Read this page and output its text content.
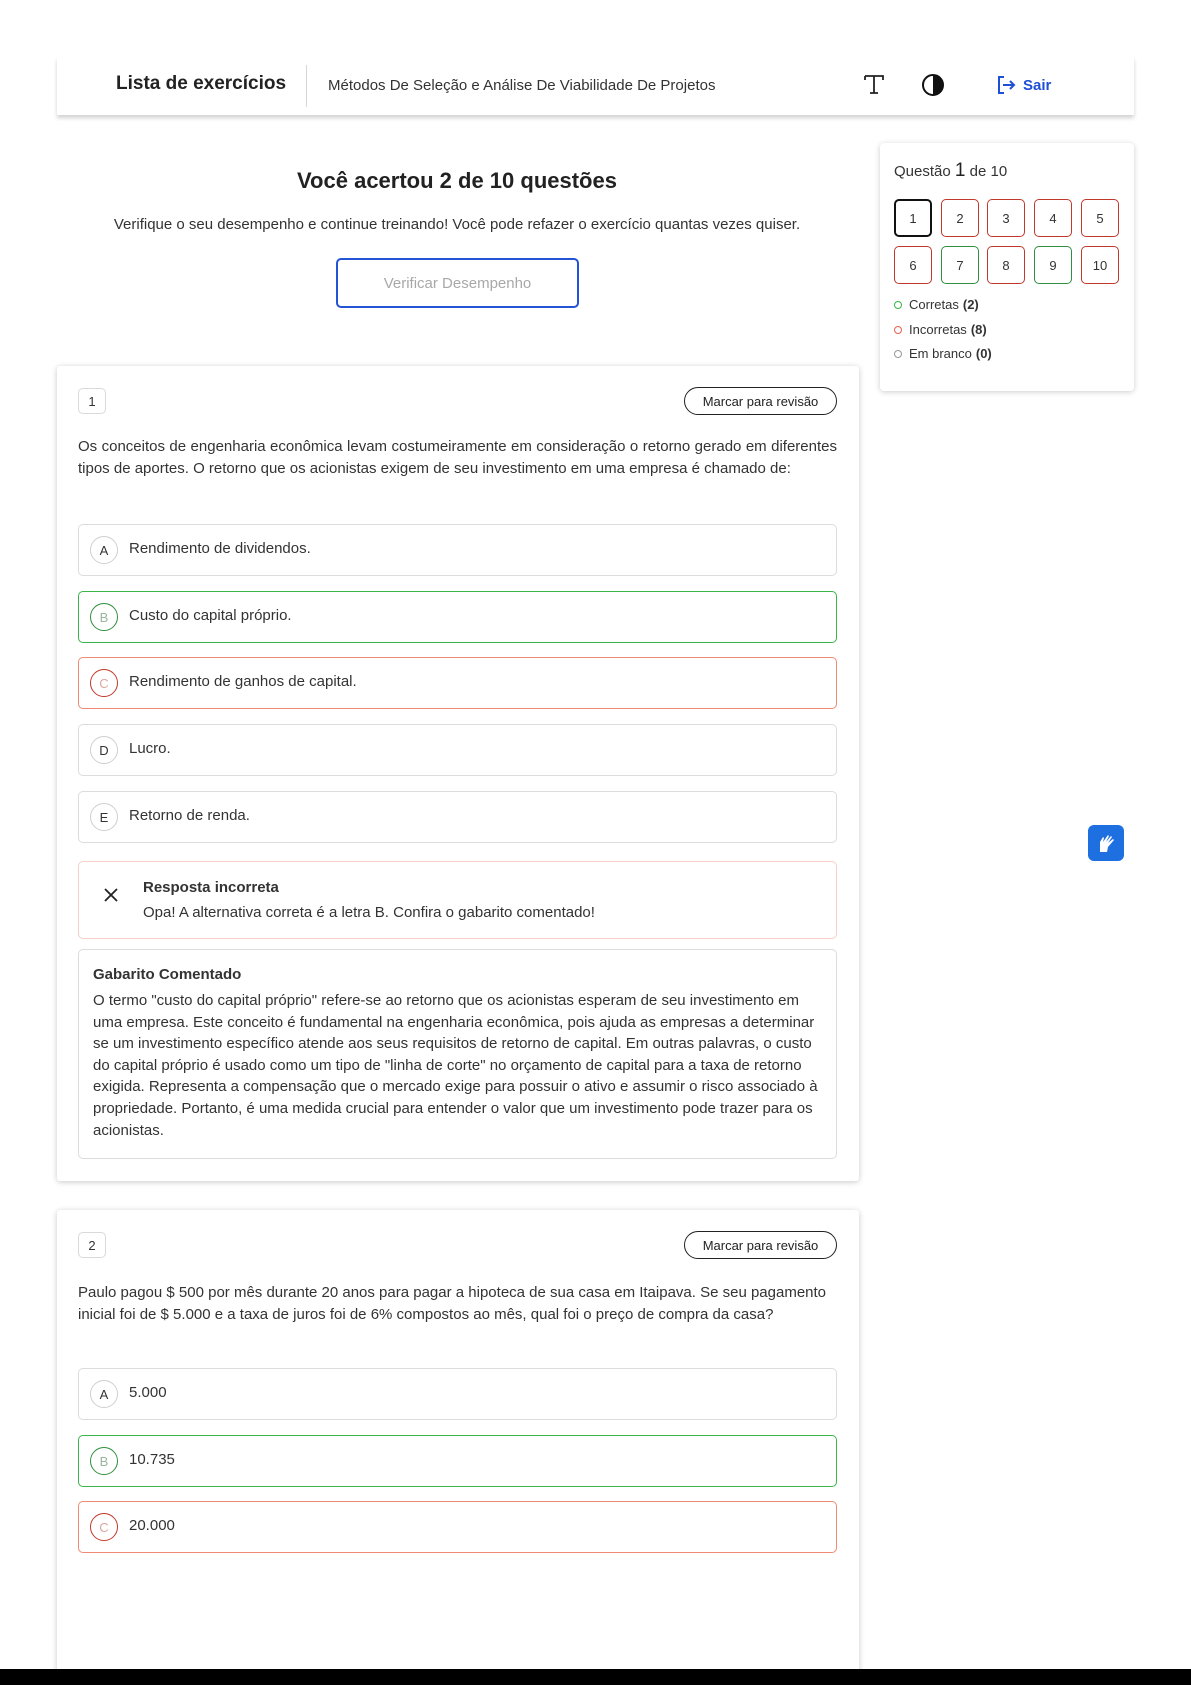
Lista de exercícios	Métodos De Seleção e Análise De Viabilidade De Projetos	Sair
Você acertou 2 de 10 questões
Verifique o seu desempenho e continue treinando! Você pode refazer o exercício quantas vezes quiser.
Verificar Desempenho
1	Marcar para revisão
Os conceitos de engenharia econômica levam costumeiramente em consideração o retorno gerado em diferentes tipos de aportes. O retorno que os acionistas exigem de seu investimento em uma empresa é chamado de:
A	Rendimento de dividendos.
B	Custo do capital próprio.
C	Rendimento de ganhos de capital.
D	Lucro.
E	Retorno de renda.
Resposta incorreta
Opa! A alternativa correta é a letra B. Confira o gabarito comentado!
Gabarito Comentado
O termo "custo do capital próprio" refere-se ao retorno que os acionistas esperam de seu investimento em uma empresa. Este conceito é fundamental na engenharia econômica, pois ajuda as empresas a determinar se um investimento específico atende aos seus requisitos de retorno de capital. Em outras palavras, o custo do capital próprio é usado como um tipo de "linha de corte" no orçamento de capital para a taxa de retorno exigida. Representa a compensação que o mercado exige para possuir o ativo e assumir o risco associado à propriedade. Portanto, é uma medida crucial para entender o valor que um investimento pode trazer para os acionistas.
2	Marcar para revisão
Paulo pagou $ 500 por mês durante 20 anos para pagar a hipoteca de sua casa em Itaipava. Se seu pagamento inicial foi de $ 5.000 e a taxa de juros foi de 6% compostos ao mês, qual foi o preço de compra da casa?
A	5.000
B	10.735
C	20.000
Questão 1 de 10
1	2	3	4	5
6	7	8	9	10
Corretas (2)
Incorretas (8)
Em branco (0)
